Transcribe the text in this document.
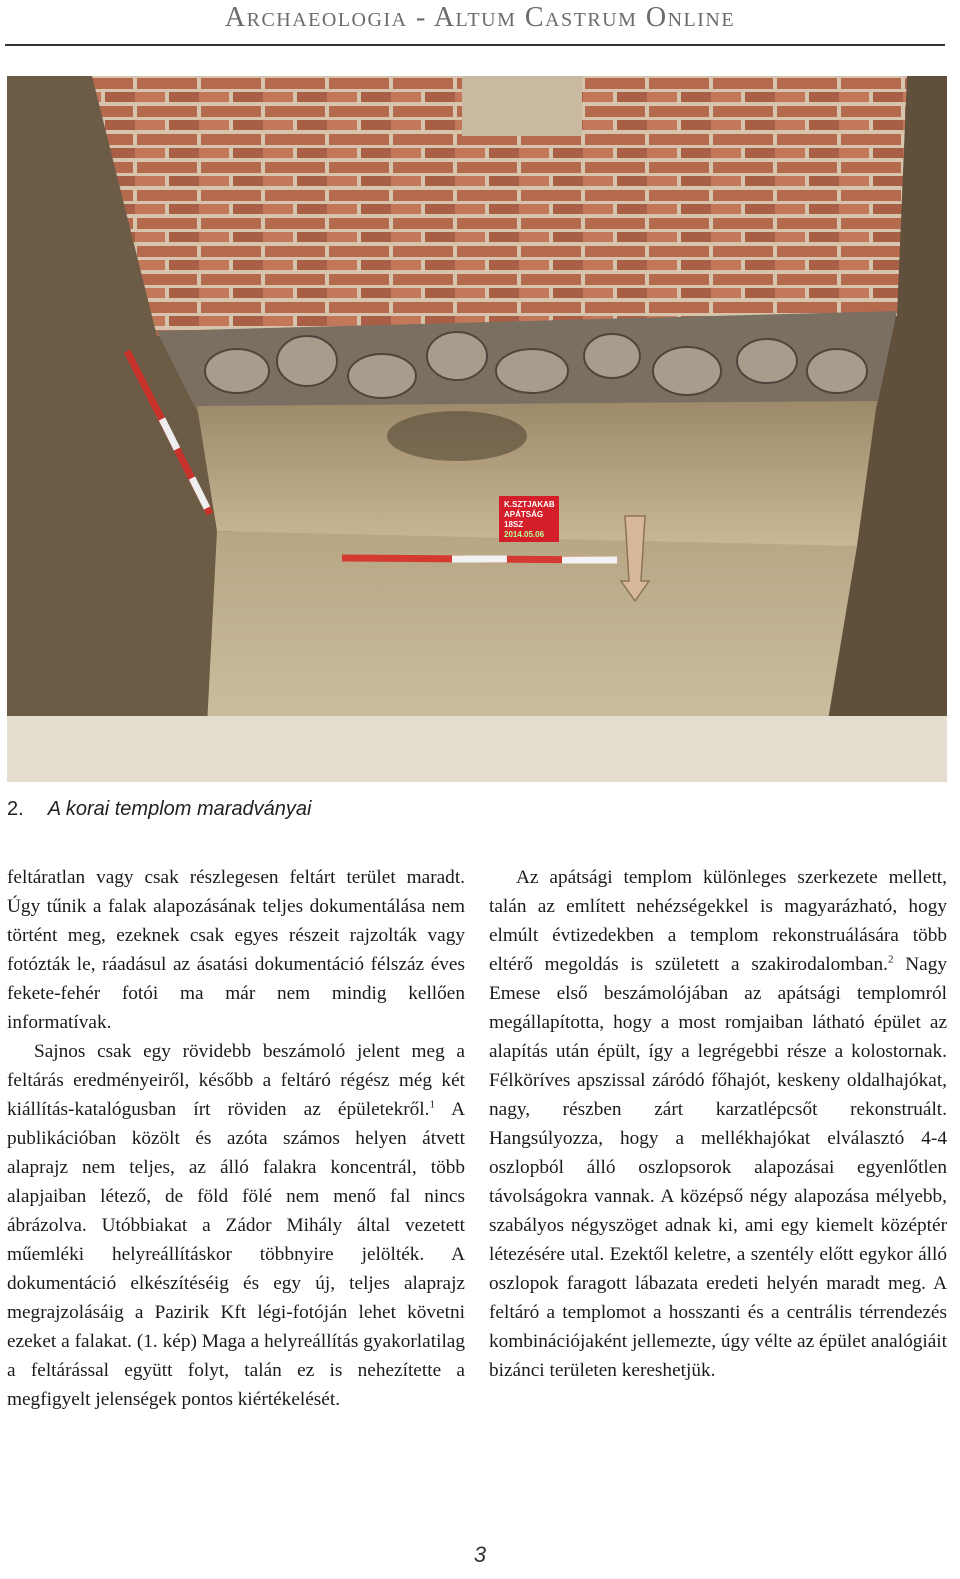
Archaeologia - Altum Castrum Online
K.SZTJAKAB APÁTSÁG 18SZ 2014.05.06
2. A korai templom maradványai

feltáratlan vagy csak részlegesen feltárt terület maradt. Úgy tűnik a falak alapozásának teljes dokumentálása nem történt meg, ezeknek csak egyes részeit rajzolták vagy fotózták le, ráadásul az ásatási dokumentáció félszáz éves fekete-fehér fotói ma már nem mindig kellően informatívak.

Sajnos csak egy rövidebb beszámoló jelent meg a feltárás eredményeiről, később a feltáró régész még két kiállítás-katalógusban írt röviden az épületekről.$^1$ A publikációban közölt és azóta számos helyen átvett alaprajz nem teljes, az álló falakra koncentrál, több alapjaiban létező, de föld fölé nem menő fal nincs ábrázolva. Utóbbiakat a Zádor Mihály által vezetett műemléki helyreállításkor többnyire jelölték. A dokumentáció elkészítéséig és egy új, teljes alaprajz megrajzolásáig a Pazirik Kft légi-fotóján lehet követni ezeket a falakat. (1. kép) Maga a helyreállítás gyakorlatilag a feltárással együtt folyt, talán ez is nehezítette a megfigyelt jelenségek pontos kiértékelését.

Az apátsági templom különleges szerkezete mellett, talán az említett nehézségekkel is magyarázható, hogy elmúlt évtizedekben a templom rekonstruálására több eltérő megoldás is született a szakirodalomban.$^2$ Nagy Emese első beszámolójában az apátsági templomról megállapította, hogy a most romjaiban látható épület az alapítás után épült, így a legrégebbi része a kolostornak. Félköríves apszissal záródó főhajót, keskeny oldalhajókat, nagy, részben zárt karzatlépcsőt rekonstruált. Hangsúlyozza, hogy a mellékhajókat elválasztó 4-4 oszlopból álló oszlopsorok alapozásai egyenlőtlen távolságokra vannak. A középső négy alapozása mélyebb, szabályos négyszöget adnak ki, ami egy kiemelt középtér létezésére utal. Ezektől keletre, a szentély előtt egykor álló oszlopok faragott lábazata eredeti helyén maradt meg. A feltáró a templomot a hosszanti és a centrális térrendezés kombinációjaként jellemezte, úgy vélte az épület analógiáit bizánci területen kereshetjük.

3
